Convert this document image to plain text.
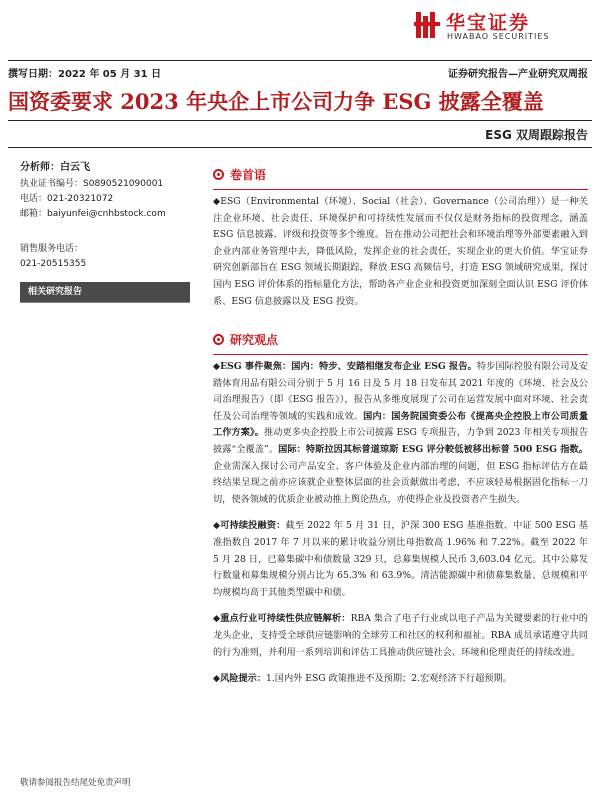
华宝证券
HWABAO SECURITIES
撰写日期：2022 年 05 月 31 日	证券研究报告—产业研究双周报
国资委要求 2023 年央企上市公司力争 ESG 披露全覆盖
ESG 双周跟踪报告
分析师：白云飞
执业证书编号：S0890521090001
电话：021-20321072
邮箱：baiyunfei@cnhbstock.com
销售服务电话：
021-20515355
相关研究报告
卷首语

◆ESG（Environmental（环境）、Social（社会）、Governance（公司治理））是一种关注企业环境、社会责任、环境保护和可持续性发展而不仅仅是财务指标的投资理念，涵盖 ESG 信息披露、评级和投资等多个维度。旨在推动公司把社会和环境治理等外部要素融入到企业内部业务管理中去，降低风险，发挥企业的社会责任，实现企业的更大价值。华宝证券研究创新部旨在 ESG 领域长期跟踪，释放 ESG 高频信号，打造 ESG 领域研究成果，探讨国内 ESG 评价体系的指标量化方法，帮助各产业企业和投资更加深刻全面认识 ESG 评价体系、ESG 信息披露以及 ESG 投资。

研究观点

◆ESG 事件聚焦：国内：特步、安踏相继发布企业 ESG 报告。特步国际控股有限公司及安踏体育用品有限公司分别于 5 月 16 日及 5 月 18 日发布其 2021 年度的《环境、社会及公司治理报告》（即《ESG 报告》），报告从多维度展现了公司在运营发展中面对环境、社会责任及公司治理等领域的实践和成效。国内：国务院国资委公布《提高央企控股上市公司质量工作方案》。推动更多央企控股上市公司披露 ESG 专项报告，力争到 2023 年相关专项报告披露“全覆盖”。国际：特斯拉因其标普道琼斯 ESG 评分較低被移出标普 500 ESG 指数。企业需深入探讨公司产品安全、客户体验及企业内部治理的问题，但 ESG 指标评估方在最终结果呈现之前亦应该就企业整体层面的社会贡献做出考虑，不应该轻易根据固化指标一刀切，使各领域的优质企业被动推上舆论热点，亦使得企业及投资者产生损失。

◆可持续投融资：截至 2022 年 5 月 31 日，沪深 300 ESG 基准指数、中证 500 ESG 基准指数自 2017 年 7 月以来的累计收益分别比母指数高 1.96% 和 7.22%。截至 2022 年 5 月 28 日，已募集碳中和债数量 329 只，总募集规模人民币 3,603.04 亿元。其中公募发行数量和募集规模分别占比为 65.3% 和 63.9%。清洁能源碳中和债募集数量、总规模和平均规模均高于其他类型碳中和债。

◆重点行业可持续性供应链解析：RBA 集合了电子行业或以电子产品为关键要素的行业中的龙头企业，支持受全球供应链影响的全球劳工和社区的权利和福祉。RBA 成员承诺遵守共同的行为准则，并利用一系列培训和评估工具推动供应链社会、环境和伦理责任的持续改进。

◆风险提示：1.国内外 ESG 政策推进不及预期；2.宏观经济下行超预期。

敬请参阅报告结尾处免责声明
